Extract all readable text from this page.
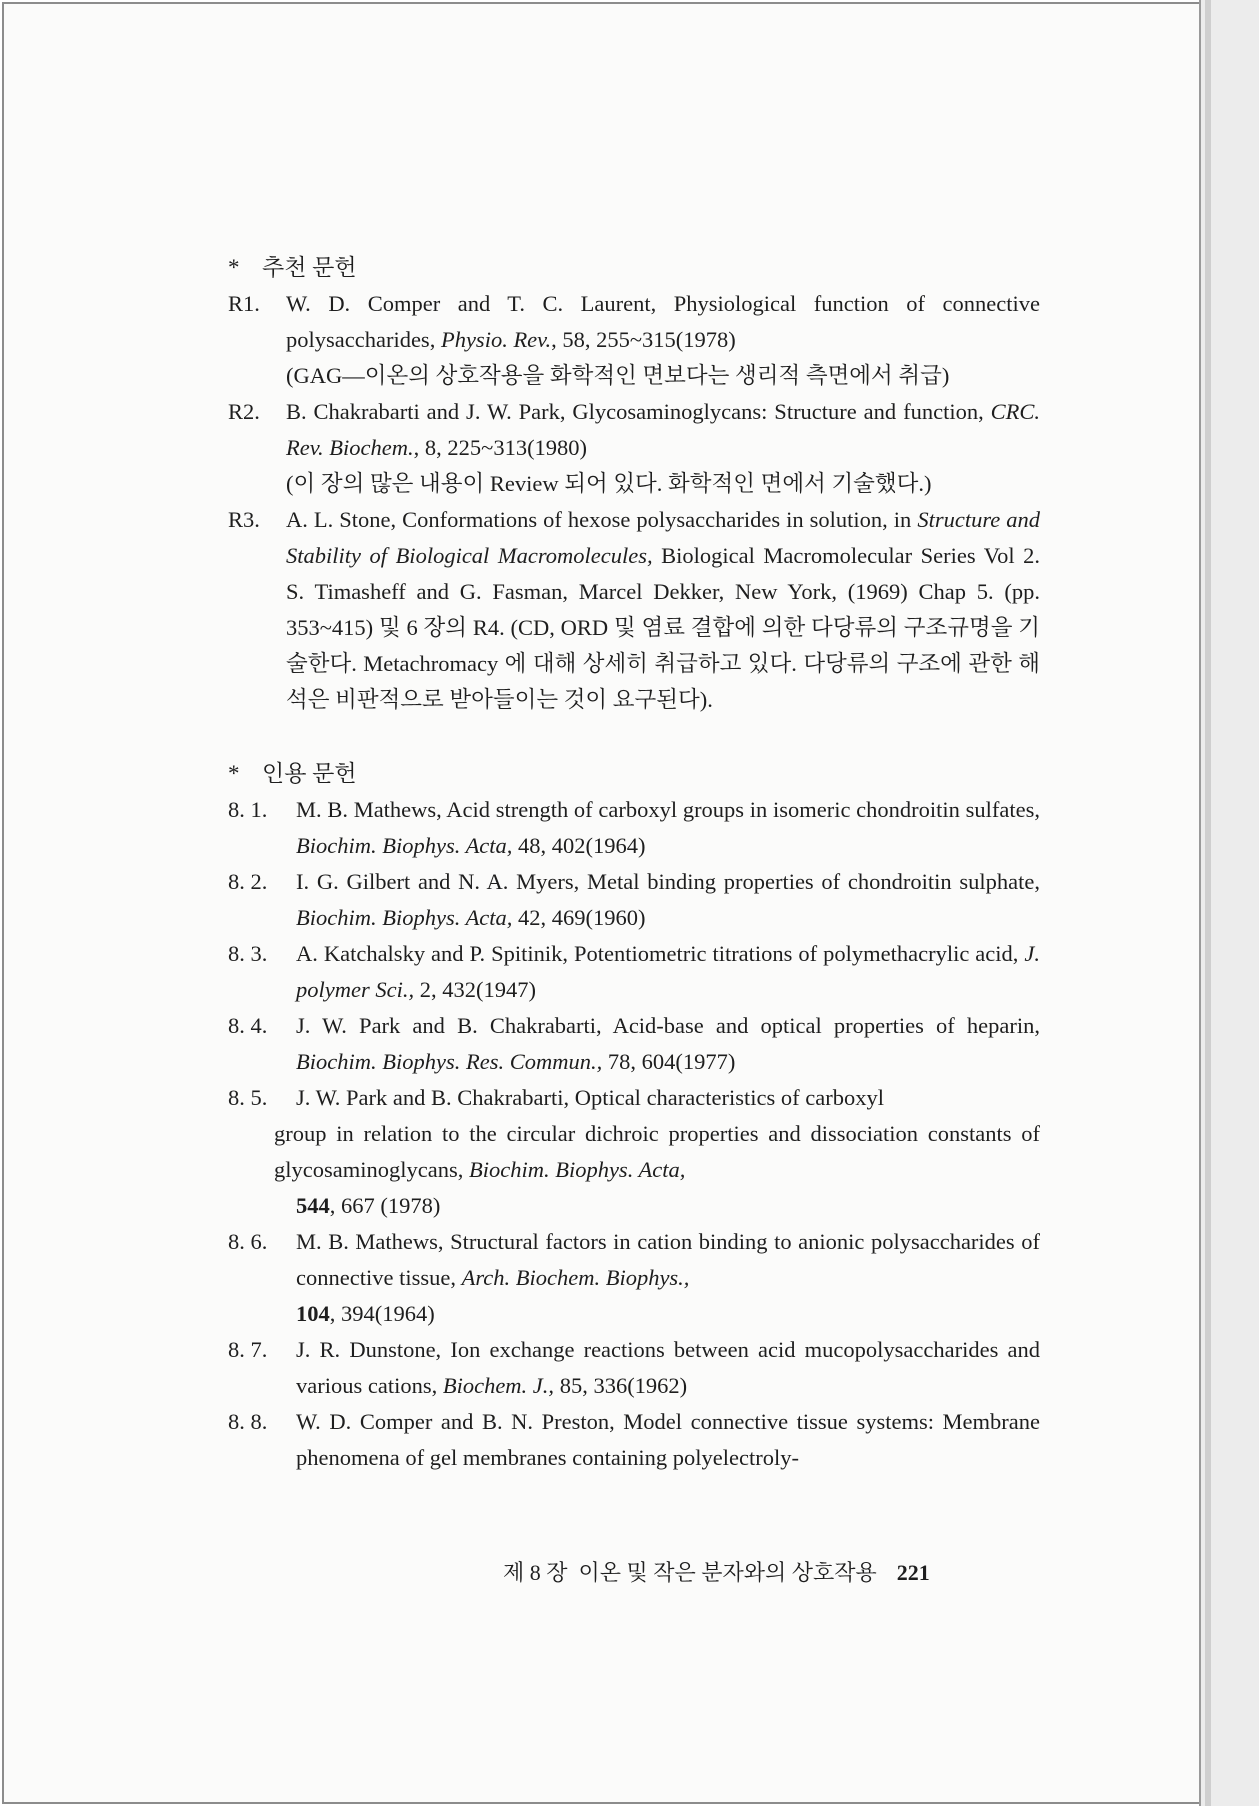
* 추천 문헌

R1. W. D. Comper and T. C. Laurent, Physiological function of connective polysaccharides, Physio. Rev., 58, 255~315(1978)
(GAG—이온의 상호작용을 화학적인 면보다는 생리적 측면에서 취급)

R2. B. Chakrabarti and J. W. Park, Glycosaminoglycans: Structure and function, CRC. Rev. Biochem., 8, 225~313(1980)
(이 장의 많은 내용이 Review 되어 있다. 화학적인 면에서 기술했다.)

R3. A. L. Stone, Conformations of hexose polysaccharides in solution, in Structure and Stability of Biological Macromolecules, Biological Macromolecular Series Vol 2. S. Timasheff and G. Fasman, Marcel Dekker, New York, (1969) Chap 5. (pp. 353~415) 및 6 장의 R4. (CD, ORD 및 염료 결합에 의한 다당류의 구조규명을 기술한다. Metachromacy 에 대해 상세히 취급하고 있다. 다당류의 구조에 관한 해석은 비판적으로 받아들이는 것이 요구된다).

* 인용 문헌

8. 1. M. B. Mathews, Acid strength of carboxyl groups in isomeric chondroitin sulfates, Biochim. Biophys. Acta, 48, 402(1964)

8. 2. I. G. Gilbert and N. A. Myers, Metal binding properties of chondroitin sulphate, Biochim. Biophys. Acta, 42, 469(1960)

8. 3. A. Katchalsky and P. Spitinik, Potentiometric titrations of polymethacrylic acid, J. polymer Sci., 2, 432(1947)

8. 4. J. W. Park and B. Chakrabarti, Acid-base and optical properties of heparin, Biochim. Biophys. Res. Commun., 78, 604(1977)

8. 5. J. W. Park and B. Chakrabarti, Optical characteristics of carboxyl
group in relation to the circular dichroic properties and dissociation constants of glycosaminoglycans, Biochim. Biophys. Acta,
544, 667 (1978)

8. 6. M. B. Mathews, Structural factors in cation binding to anionic polysaccharides of connective tissue, Arch. Biochem. Biophys.,
104, 394(1964)

8. 7. J. R. Dunstone, Ion exchange reactions between acid mucopolysaccharides and various cations, Biochem. J., 85, 336(1962)

8. 8. W. D. Comper and B. N. Preston, Model connective tissue systems: Membrane phenomena of gel membranes containing polyelectroly-

제 8 장  이온 및 작은 분자와의 상호작용 221
